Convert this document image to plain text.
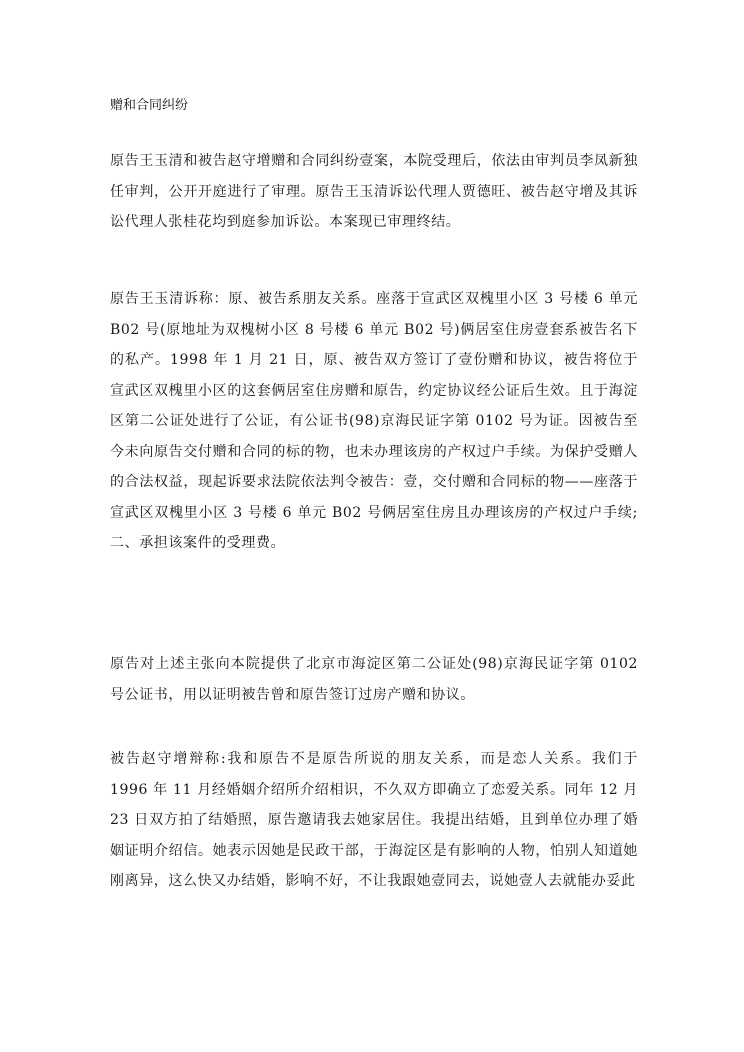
赠和合同纠纷

原告王玉清和被告赵守增赠和合同纠纷壹案，本院受理后，依法由审判员李凤新独任审判，公开开庭进行了审理。原告王玉清诉讼代理人贾德旺、被告赵守增及其诉讼代理人张桂花均到庭参加诉讼。本案现已审理终结。

原告王玉清诉称：原、被告系朋友关系。座落于宣武区双槐里小区 3 号楼 6 单元 B02 号(原地址为双槐树小区 8 号楼 6 单元 B02 号)俩居室住房壹套系被告名下的私产。1998 年 1 月 21 日，原、被告双方签订了壹份赠和协议，被告将位于宣武区双槐里小区的这套俩居室住房赠和原告，约定协议经公证后生效。且于海淀区第二公证处进行了公证，有公证书(98)京海民证字第 0102 号为证。因被告至今未向原告交付赠和合同的标的物，也未办理该房的产权过户手续。为保护受赠人的合法权益，现起诉要求法院依法判令被告：壹，交付赠和合同标的物——座落于宣武区双槐里小区 3 号楼 6 单元 B02 号俩居室住房且办理该房的产权过户手续;二、承担该案件的受理费。

原告对上述主张向本院提供了北京市海淀区第二公证处(98)京海民证字第 0102 号公证书，用以证明被告曾和原告签订过房产赠和协议。

被告赵守增辩称:我和原告不是原告所说的朋友关系，而是恋人关系。我们于 1996 年 11 月经婚姻介绍所介绍相识，不久双方即确立了恋爱关系。同年 12 月 23 日双方拍了结婚照，原告邀请我去她家居住。我提出结婚，且到单位办理了婚姻证明介绍信。她表示因她是民政干部，于海淀区是有影响的人物，怕别人知道她刚离异，这么快又办结婚，影响不好，不让我跟她壹同去，说她壹人去就能办妥此
